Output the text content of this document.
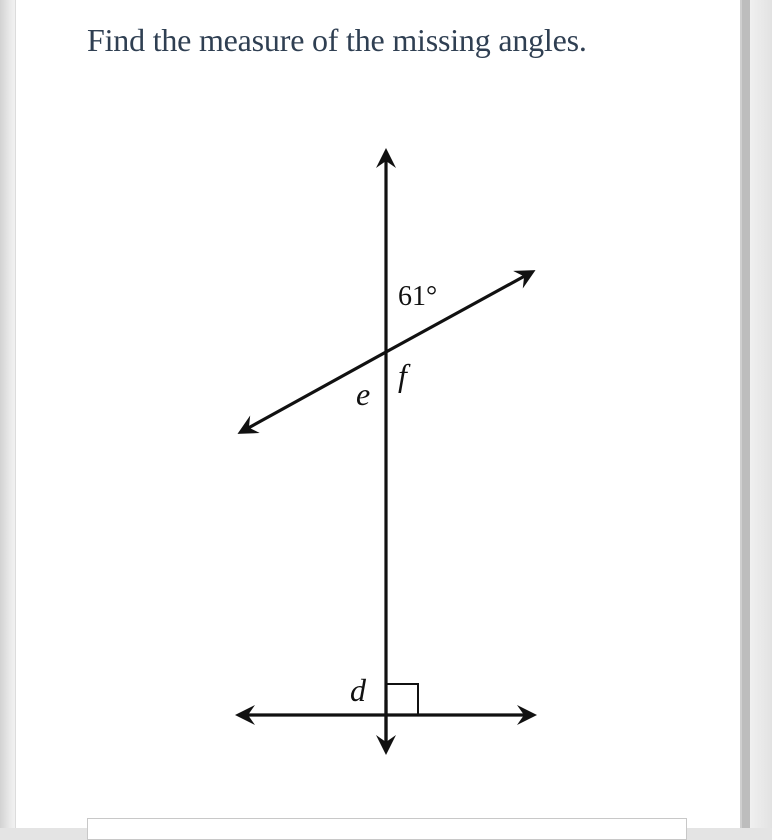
Find the measure of the missing angles.
61°
f
e
d
